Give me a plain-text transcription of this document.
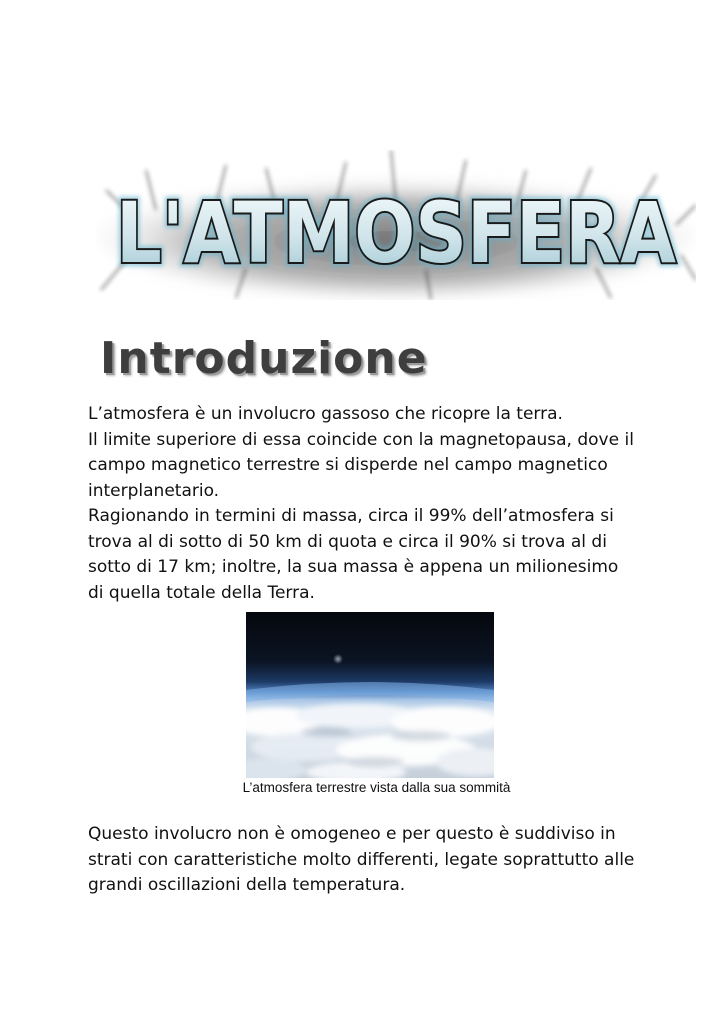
L'ATMOSFERA
L'ATMOSFERA
L'ATMOSFERA
Introduzione

L’atmosfera è un involucro gassoso che ricopre la terra.
Il limite superiore di essa coincide con la magnetopausa, dove il
campo magnetico terrestre si disperde nel campo magnetico
interplanetario.
Ragionando in termini di massa, circa il 99% dell’atmosfera si
trova al di sotto di 50 km di quota e circa il 90% si trova al di
sotto di 17 km; inoltre, la sua massa è appena un milionesimo
di quella totale della Terra.

L’atmosfera terrestre vista dalla sua sommità

Questo involucro non è omogeneo e per questo è suddiviso in
strati con caratteristiche molto differenti, legate soprattutto alle
grandi oscillazioni della temperatura.
